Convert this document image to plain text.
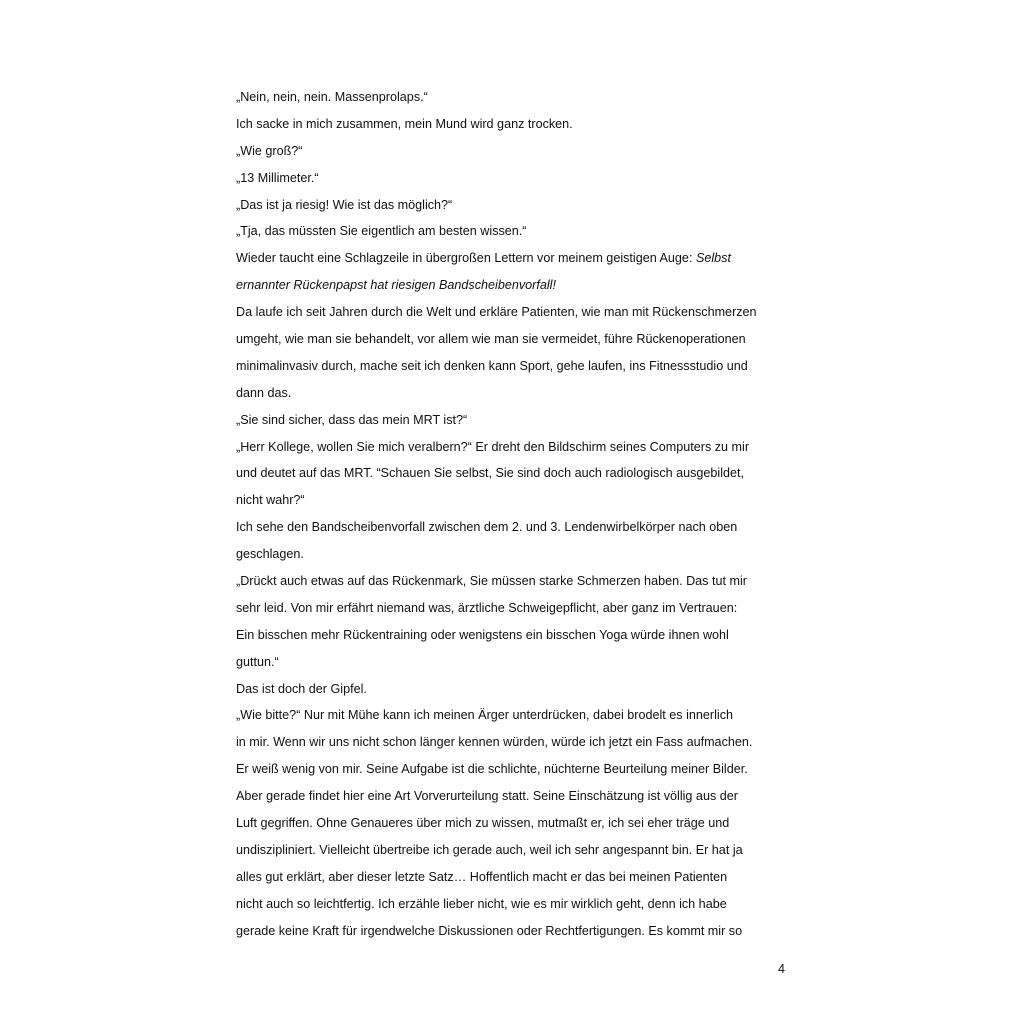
„Nein, nein, nein. Massenprolaps.“
Ich sacke in mich zusammen, mein Mund wird ganz trocken.
„Wie groß?“
„13 Millimeter.“
„Das ist ja riesig! Wie ist das möglich?“
„Tja, das müssten Sie eigentlich am besten wissen.“
Wieder taucht eine Schlagzeile in übergroßen Lettern vor meinem geistigen Auge: Selbst
ernannter Rückenpapst hat riesigen Bandscheibenvorfall!
Da laufe ich seit Jahren durch die Welt und erkläre Patienten, wie man mit Rückenschmerzen
umgeht, wie man sie behandelt, vor allem wie man sie vermeidet, führe Rückenoperationen
minimalinvasiv durch, mache seit ich denken kann Sport, gehe laufen, ins Fitnessstudio und
dann das.
„Sie sind sicher, dass das mein MRT ist?“
„Herr Kollege, wollen Sie mich veralbern?“ Er dreht den Bildschirm seines Computers zu mir
und deutet auf das MRT. “Schauen Sie selbst, Sie sind doch auch radiologisch ausgebildet,
nicht wahr?“
Ich sehe den Bandscheibenvorfall zwischen dem 2. und 3. Lendenwirbelkörper nach oben
geschlagen.
„Drückt auch etwas auf das Rückenmark, Sie müssen starke Schmerzen haben. Das tut mir
sehr leid. Von mir erfährt niemand was, ärztliche Schweigepflicht, aber ganz im Vertrauen:
Ein bisschen mehr Rückentraining oder wenigstens ein bisschen Yoga würde ihnen wohl
guttun.“
Das ist doch der Gipfel.
„Wie bitte?“ Nur mit Mühe kann ich meinen Ärger unterdrücken, dabei brodelt es innerlich
in mir. Wenn wir uns nicht schon länger kennen würden, würde ich jetzt ein Fass aufmachen.
Er weiß wenig von mir. Seine Aufgabe ist die schlichte, nüchterne Beurteilung meiner Bilder.
Aber gerade findet hier eine Art Vorverurteilung statt. Seine Einschätzung ist völlig aus der
Luft gegriffen. Ohne Genaueres über mich zu wissen, mutmaßt er, ich sei eher träge und
undiszipliniert. Vielleicht übertreibe ich gerade auch, weil ich sehr angespannt bin. Er hat ja
alles gut erklärt, aber dieser letzte Satz… Hoffentlich macht er das bei meinen Patienten
nicht auch so leichtfertig. Ich erzähle lieber nicht, wie es mir wirklich geht, denn ich habe
gerade keine Kraft für irgendwelche Diskussionen oder Rechtfertigungen. Es kommt mir so
4
